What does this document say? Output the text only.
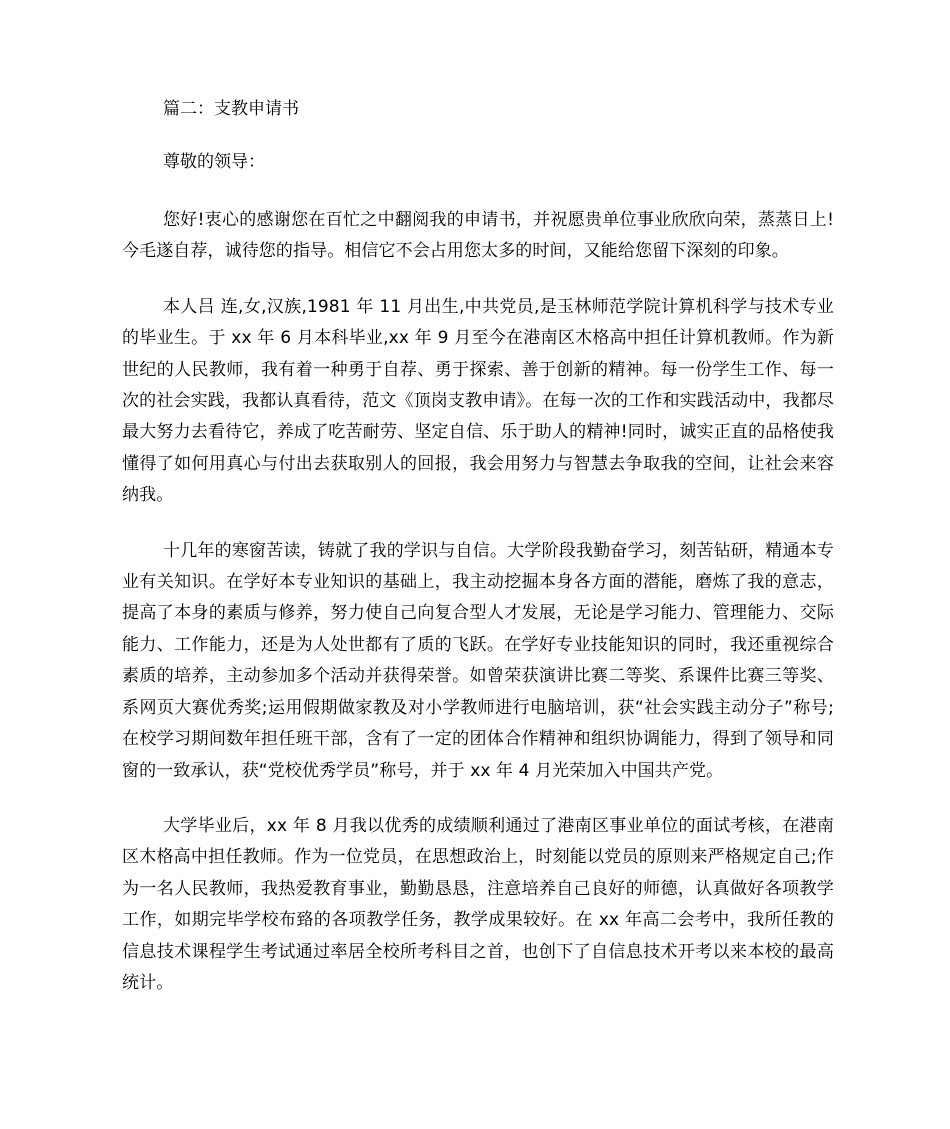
篇二：支教申请书

尊敬的领导：

您好!衷心的感谢您在百忙之中翻阅我的申请书，并祝愿贵单位事业欣欣向荣，蒸蒸日上!今毛遂自荐，诚待您的指导。相信它不会占用您太多的时间，又能给您留下深刻的印象。

本人吕 连,女,汉族,1981 年 11 月出生,中共党员,是玉林师范学院计算机科学与技术专业的毕业生。于 xx 年 6 月本科毕业,xx 年 9 月至今在港南区木格高中担任计算机教师。作为新世纪的人民教师，我有着一种勇于自荐、勇于探索、善于创新的精神。每一份学生工作、每一次的社会实践，我都认真看待，范文《顶岗支教申请》。在每一次的工作和实践活动中，我都尽最大努力去看待它，养成了吃苦耐劳、坚定自信、乐于助人的精神!同时，诚实正直的品格使我懂得了如何用真心与付出去获取别人的回报，我会用努力与智慧去争取我的空间，让社会来容纳我。

十几年的寒窗苦读，铸就了我的学识与自信。大学阶段我勤奋学习，刻苦钻研，精通本专业有关知识。在学好本专业知识的基础上，我主动挖掘本身各方面的潜能，磨炼了我的意志，提高了本身的素质与修养，努力使自己向复合型人才发展，无论是学习能力、管理能力、交际能力、工作能力，还是为人处世都有了质的飞跃。在学好专业技能知识的同时，我还重视综合素质的培养，主动参加多个活动并获得荣誉。如曾荣获演讲比赛二等奖、系课件比赛三等奖、系网页大赛优秀奖;运用假期做家教及对小学教师进行电脑培训，获“社会实践主动分子”称号;在校学习期间数年担任班干部，含有了一定的团体合作精神和组织协调能力，得到了领导和同窗的一致承认，获“党校优秀学员”称号，并于 xx 年 4 月光荣加入中国共产党。

大学毕业后，xx 年 8 月我以优秀的成绩顺利通过了港南区事业单位的面试考核，在港南区木格高中担任教师。作为一位党员，在思想政治上，时刻能以党员的原则来严格规定自己;作为一名人民教师，我热爱教育事业，勤勤恳恳，注意培养自己良好的师德，认真做好各项教学工作，如期完毕学校布臵的各项教学任务，教学成果较好。在 xx 年高二会考中，我所任教的信息技术课程学生考试通过率居全校所考科目之首，也创下了自信息技术开考以来本校的最高统计。
